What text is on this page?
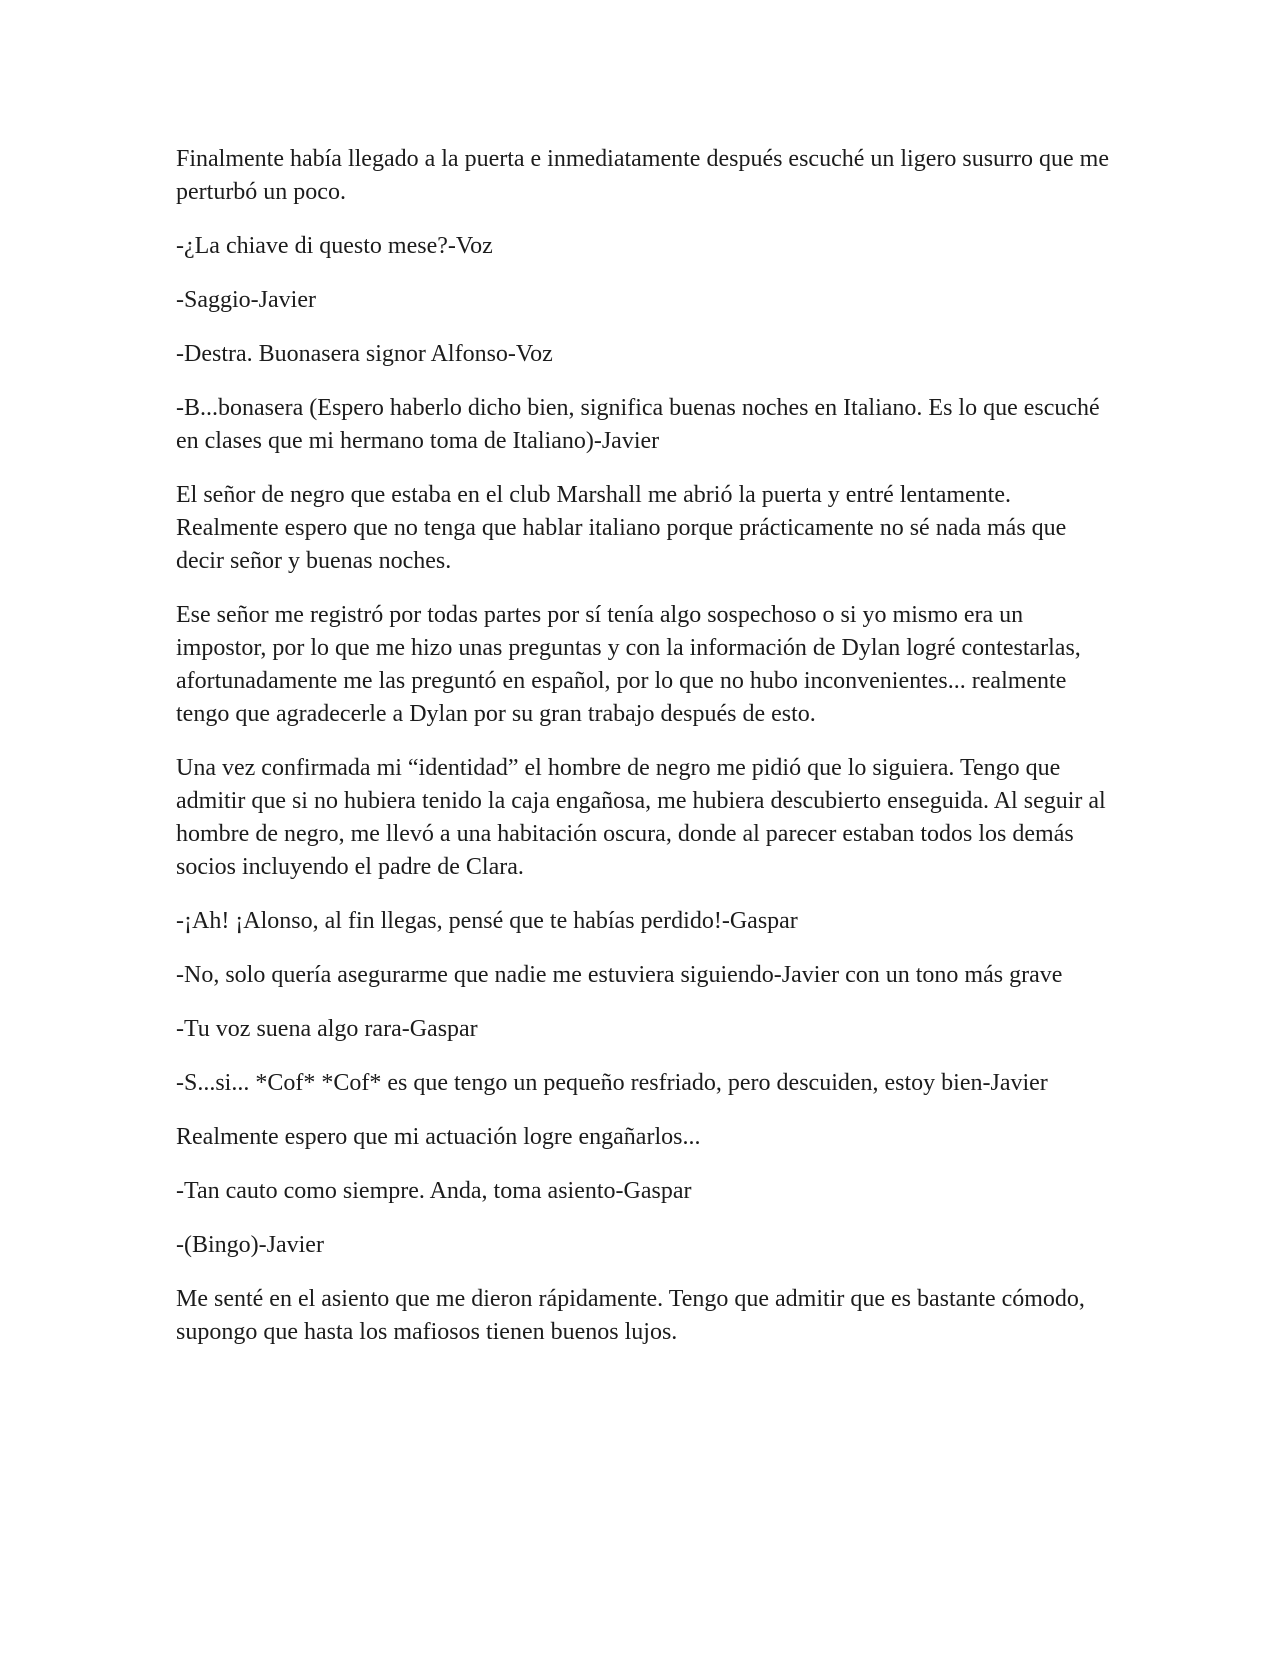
Finalmente había llegado a la puerta e inmediatamente después escuché un ligero susurro que me perturbó un poco.

-¿La chiave di questo mese?-Voz

-Saggio-Javier

-Destra. Buonasera signor Alfonso-Voz

-B...bonasera (Espero haberlo dicho bien, significa buenas noches en Italiano. Es lo que escuché en clases que mi hermano toma de Italiano)-Javier

El señor de negro que estaba en el club Marshall me abrió la puerta y entré lentamente. Realmente espero que no tenga que hablar italiano porque prácticamente no sé nada más que decir señor y buenas noches.

Ese señor me registró por todas partes por sí tenía algo sospechoso o si yo mismo era un impostor, por lo que me hizo unas preguntas y con la información de Dylan logré contestarlas, afortunadamente me las preguntó en español, por lo que no hubo inconvenientes... realmente tengo que agradecerle a Dylan por su gran trabajo después de esto.

Una vez confirmada mi “identidad” el hombre de negro me pidió que lo siguiera. Tengo que admitir que si no hubiera tenido la caja engañosa, me hubiera descubierto enseguida. Al seguir al hombre de negro, me llevó a una habitación oscura, donde al parecer estaban todos los demás socios incluyendo el padre de Clara.

-¡Ah! ¡Alonso, al fin llegas, pensé que te habías perdido!-Gaspar

-No, solo quería asegurarme que nadie me estuviera siguiendo-Javier con un tono más grave

-Tu voz suena algo rara-Gaspar

-S...si... *Cof* *Cof* es que tengo un pequeño resfriado, pero descuiden, estoy bien-Javier

Realmente espero que mi actuación logre engañarlos...

-Tan cauto como siempre. Anda, toma asiento-Gaspar

-(Bingo)-Javier

Me senté en el asiento que me dieron rápidamente. Tengo que admitir que es bastante cómodo, supongo que hasta los mafiosos tienen buenos lujos.
